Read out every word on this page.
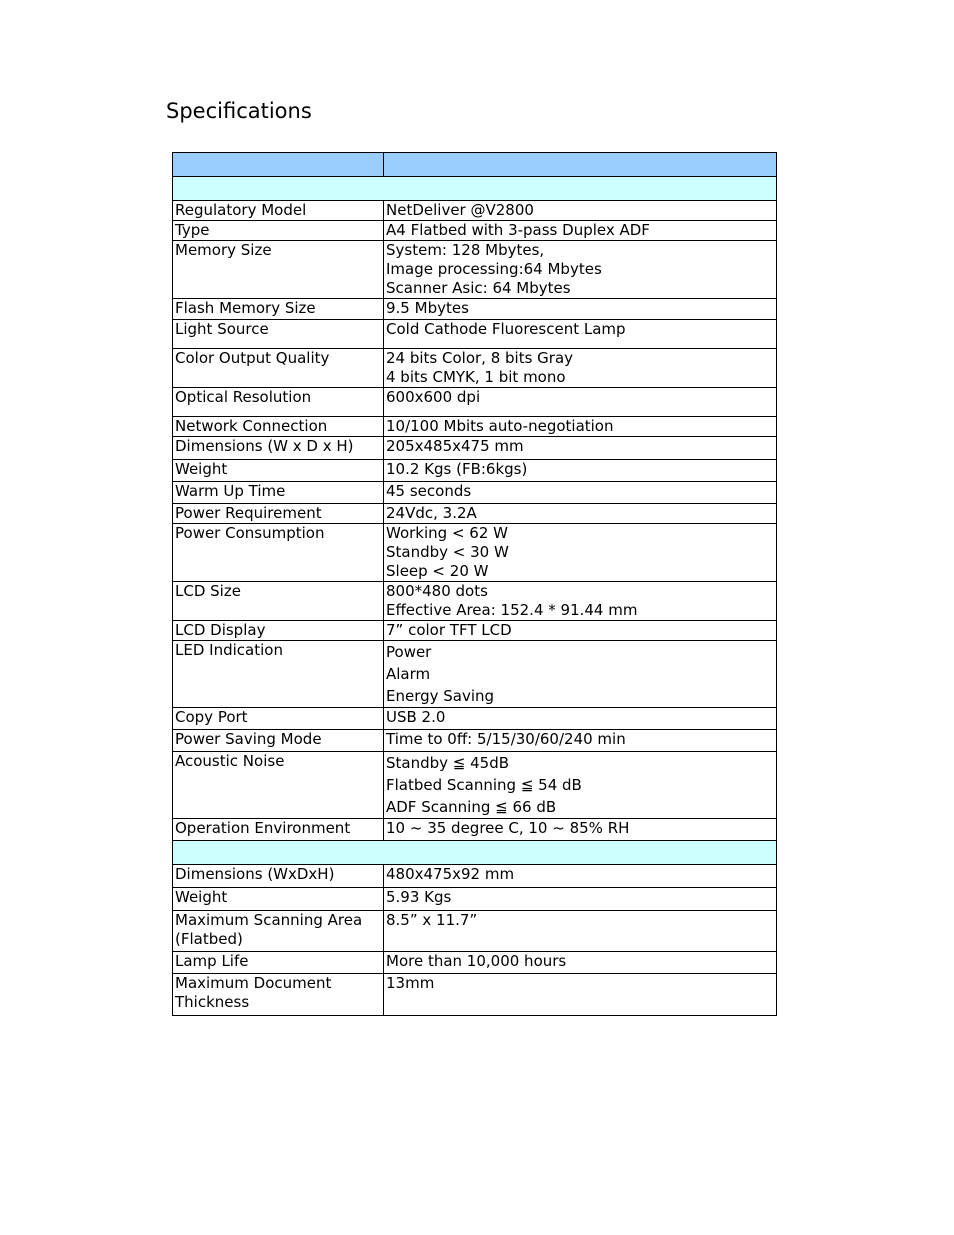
Specifications

Regulatory Model	NetDeliver @V2800

Type	A4 Flatbed with 3-pass Duplex ADF

Memory Size	System: 128 Mbytes,
Image processing:64 Mbytes
Scanner Asic: 64 Mbytes

Flash Memory Size	9.5 Mbytes

Light Source	Cold Cathode Fluorescent Lamp

Color Output Quality	24 bits Color, 8 bits Gray
4 bits CMYK, 1 bit mono

Optical Resolution	600x600 dpi

Network Connection	10/100 Mbits auto-negotiation

Dimensions (W x D x H)	205x485x475 mm

Weight	10.2 Kgs (FB:6kgs)

Warm Up Time	45 seconds

Power Requirement	24Vdc, 3.2A

Power Consumption	Working < 62 W
Standby < 30 W
Sleep < 20 W

LCD Size	800*480 dots
Effective Area: 152.4 * 91.44 mm

LCD Display	7” color TFT LCD

LED Indication	Power
Alarm
Energy Saving

Copy Port	USB 2.0

Power Saving Mode	Time to 0ff: 5/15/30/60/240 min

Acoustic Noise	Standby ≦ 45dB
Flatbed Scanning ≦ 54 dB
ADF Scanning ≦ 66 dB

Operation Environment	10 ~ 35 degree C, 10 ~ 85% RH

Dimensions (WxDxH)	480x475x92 mm

Weight	5.93 Kgs

Maximum Scanning Area (Flatbed)	8.5” x 11.7”

Lamp Life	More than 10,000 hours

Maximum Document Thickness	13mm
